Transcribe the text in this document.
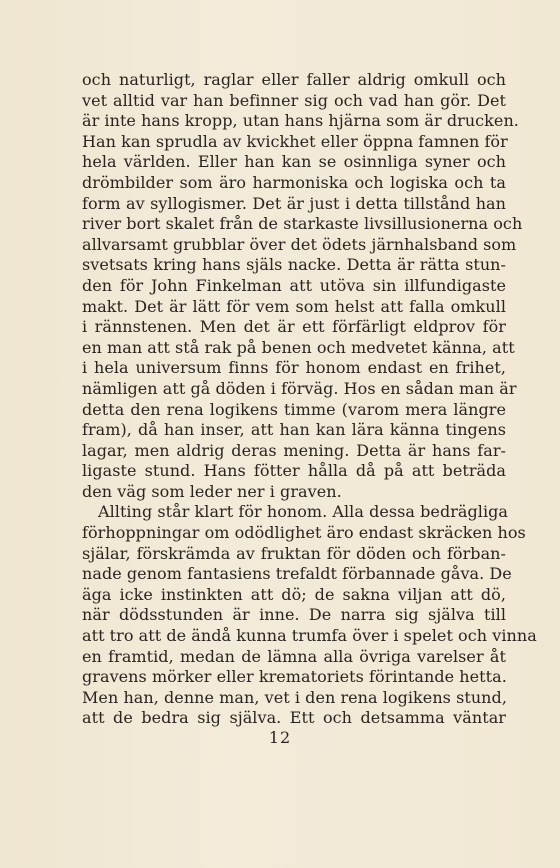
och naturligt, raglar eller faller aldrig omkull och
vet alltid var han befinner sig och vad han gör. Det
är inte hans kropp, utan hans hjärna som är drucken.
Han kan sprudla av kvickhet eller öppna famnen för
hela världen. Eller han kan se osinnliga syner och
drömbilder som äro harmoniska och logiska och ta
form av syllogismer. Det är just i detta tillstånd han
river bort skalet från de starkaste livsillusionerna och
allvarsamt grubblar över det ödets järnhalsband som
svetsats kring hans själs nacke. Detta är rätta stun-
den för John Finkelman att utöva sin illfundigaste
makt. Det är lätt för vem som helst att falla omkull
i rännstenen. Men det är ett förfärligt eldprov för
en man att stå rak på benen och medvetet känna, att
i hela universum finns för honom endast en frihet,
nämligen att gå döden i förväg. Hos en sådan man är
detta den rena logikens timme (varom mera längre
fram), då han inser, att han kan lära känna tingens
lagar, men aldrig deras mening. Detta är hans far-
ligaste stund. Hans fötter hålla då på att beträda
den väg som leder ner i graven.
Allting står klart för honom. Alla dessa bedrägliga
förhoppningar om odödlighet äro endast skräcken hos
själar, förskrämda av fruktan för döden och förban-
nade genom fantasiens trefaldt förbannade gåva. De
äga icke instinkten att dö; de sakna viljan att dö,
när dödsstunden är inne. De narra sig själva till
att tro att de ändå kunna trumfa över i spelet och vinna
en framtid, medan de lämna alla övriga varelser åt
gravens mörker eller krematoriets förintande hetta.
Men han, denne man, vet i den rena logikens stund,
att de bedra sig själva. Ett och detsamma väntar
12
